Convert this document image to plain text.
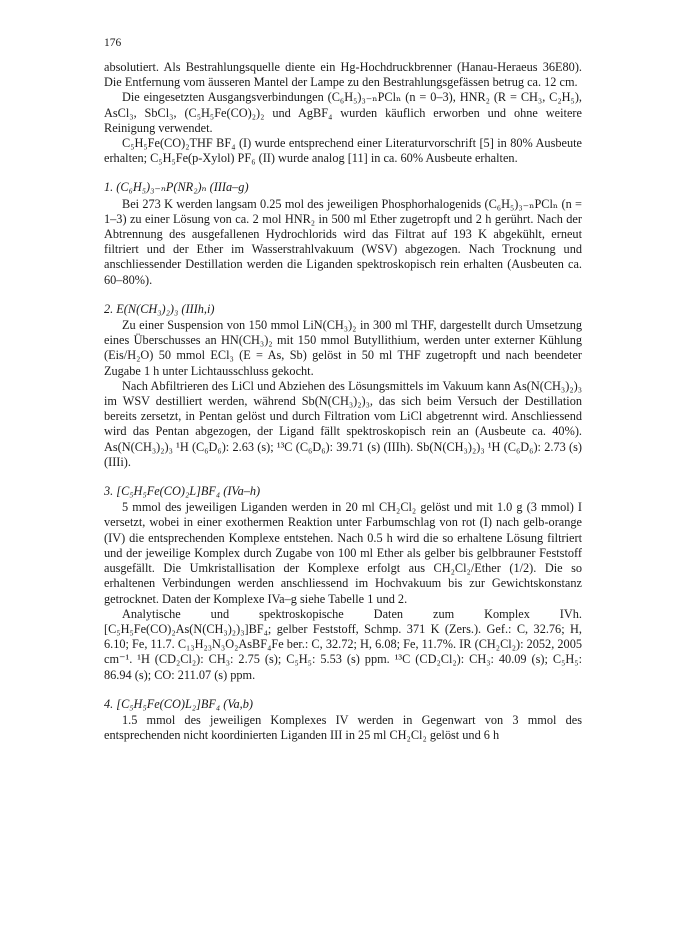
176

absolutiert. Als Bestrahlungsquelle diente ein Hg-Hochdruckbrenner (Hanau-Heraeus 36E80). Die Entfernung vom äusseren Mantel der Lampe zu den Bestrahlungsgefässen betrug ca. 12 cm.

Die eingesetzten Ausgangsverbindungen (C₆H₅)₃₋ₙPClₙ (n = 0–3), HNR₂ (R = CH₃, C₂H₅), AsCl₃, SbCl₃, (C₅H₅Fe(CO)₂)₂ und AgBF₄ wurden käuflich erworben und ohne weitere Reinigung verwendet.

C₅H₅Fe(CO)₂THF BF₄ (I) wurde entsprechend einer Literaturvorschrift [5] in 80% Ausbeute erhalten; C₅H₅Fe(p-Xylol) PF₆ (II) wurde analog [11] in ca. 60% Ausbeute erhalten.

1. (C₆H₅)₃₋ₙP(NR₂)ₙ (IIIa–g)

Bei 273 K werden langsam 0.25 mol des jeweiligen Phosphorhalogenids (C₆H₅)₃₋ₙPClₙ (n = 1–3) zu einer Lösung von ca. 2 mol HNR₂ in 500 ml Ether zugetropft und 2 h gerührt. Nach der Abtrennung des ausgefallenen Hydrochlorids wird das Filtrat auf 193 K abgekühlt, erneut filtriert und der Ether im Wasserstrahlvakuum (WSV) abgezogen. Nach Trocknung und anschliessender Destillation werden die Liganden spektroskopisch rein erhalten (Ausbeuten ca. 60–80%).

2. E(N(CH₃)₂)₃ (IIIh,i)

Zu einer Suspension von 150 mmol LiN(CH₃)₂ in 300 ml THF, dargestellt durch Umsetzung eines Überschusses an HN(CH₃)₂ mit 150 mmol Butyllithium, werden unter externer Kühlung (Eis/H₂O) 50 mmol ECl₃ (E = As, Sb) gelöst in 50 ml THF zugetropft und nach beendeter Zugabe 1 h unter Lichtausschluss gekocht.

Nach Abfiltrieren des LiCl und Abziehen des Lösungsmittels im Vakuum kann As(N(CH₃)₂)₃ im WSV destilliert werden, während Sb(N(CH₃)₂)₃, das sich beim Versuch der Destillation bereits zersetzt, in Pentan gelöst und durch Filtration vom LiCl abgetrennt wird. Anschliessend wird das Pentan abgezogen, der Ligand fällt spektroskopisch rein an (Ausbeute ca. 40%). As(N(CH₃)₂)₃ ¹H (C₆D₆): 2.63 (s); ¹³C (C₆D₆): 39.71 (s) (IIIh). Sb(N(CH₃)₂)₃ ¹H (C₆D₆): 2.73 (s) (IIIi).

3. [C₅H₅Fe(CO)₂L]BF₄ (IVa–h)

5 mmol des jeweiligen Liganden werden in 20 ml CH₂Cl₂ gelöst und mit 1.0 g (3 mmol) I versetzt, wobei in einer exothermen Reaktion unter Farbumschlag von rot (I) nach gelb-orange (IV) die entsprechenden Komplexe entstehen. Nach 0.5 h wird die so erhaltene Lösung filtriert und der jeweilige Komplex durch Zugabe von 100 ml Ether als gelber bis gelbbrauner Feststoff ausgefällt. Die Umkristallisation der Komplexe erfolgt aus CH₂Cl₂/Ether (1/2). Die so erhaltenen Verbindungen werden anschliessend im Hochvakuum bis zur Gewichtskonstanz getrocknet. Daten der Komplexe IVa–g siehe Tabelle 1 und 2.

Analytische und spektroskopische Daten zum Komplex IVh. [C₅H₅Fe(CO)₂As(N(CH₃)₂)₃]BF₄; gelber Feststoff, Schmp. 371 K (Zers.). Gef.: C, 32.76; H, 6.10; Fe, 11.7. C₁₃H₂₃N₃O₂AsBF₄Fe ber.: C, 32.72; H, 6.08; Fe, 11.7%. IR (CH₂Cl₂): 2052, 2005 cm⁻¹. ¹H (CD₂Cl₂): CH₃: 2.75 (s); C₅H₅: 5.53 (s) ppm. ¹³C (CD₂Cl₂): CH₃: 40.09 (s); C₅H₅: 86.94 (s); CO: 211.07 (s) ppm.

4. [C₅H₅Fe(CO)L₂]BF₄ (Va,b)

1.5 mmol des jeweiligen Komplexes IV werden in Gegenwart von 3 mmol des entsprechenden nicht koordinierten Liganden III in 25 ml CH₂Cl₂ gelöst und 6 h
